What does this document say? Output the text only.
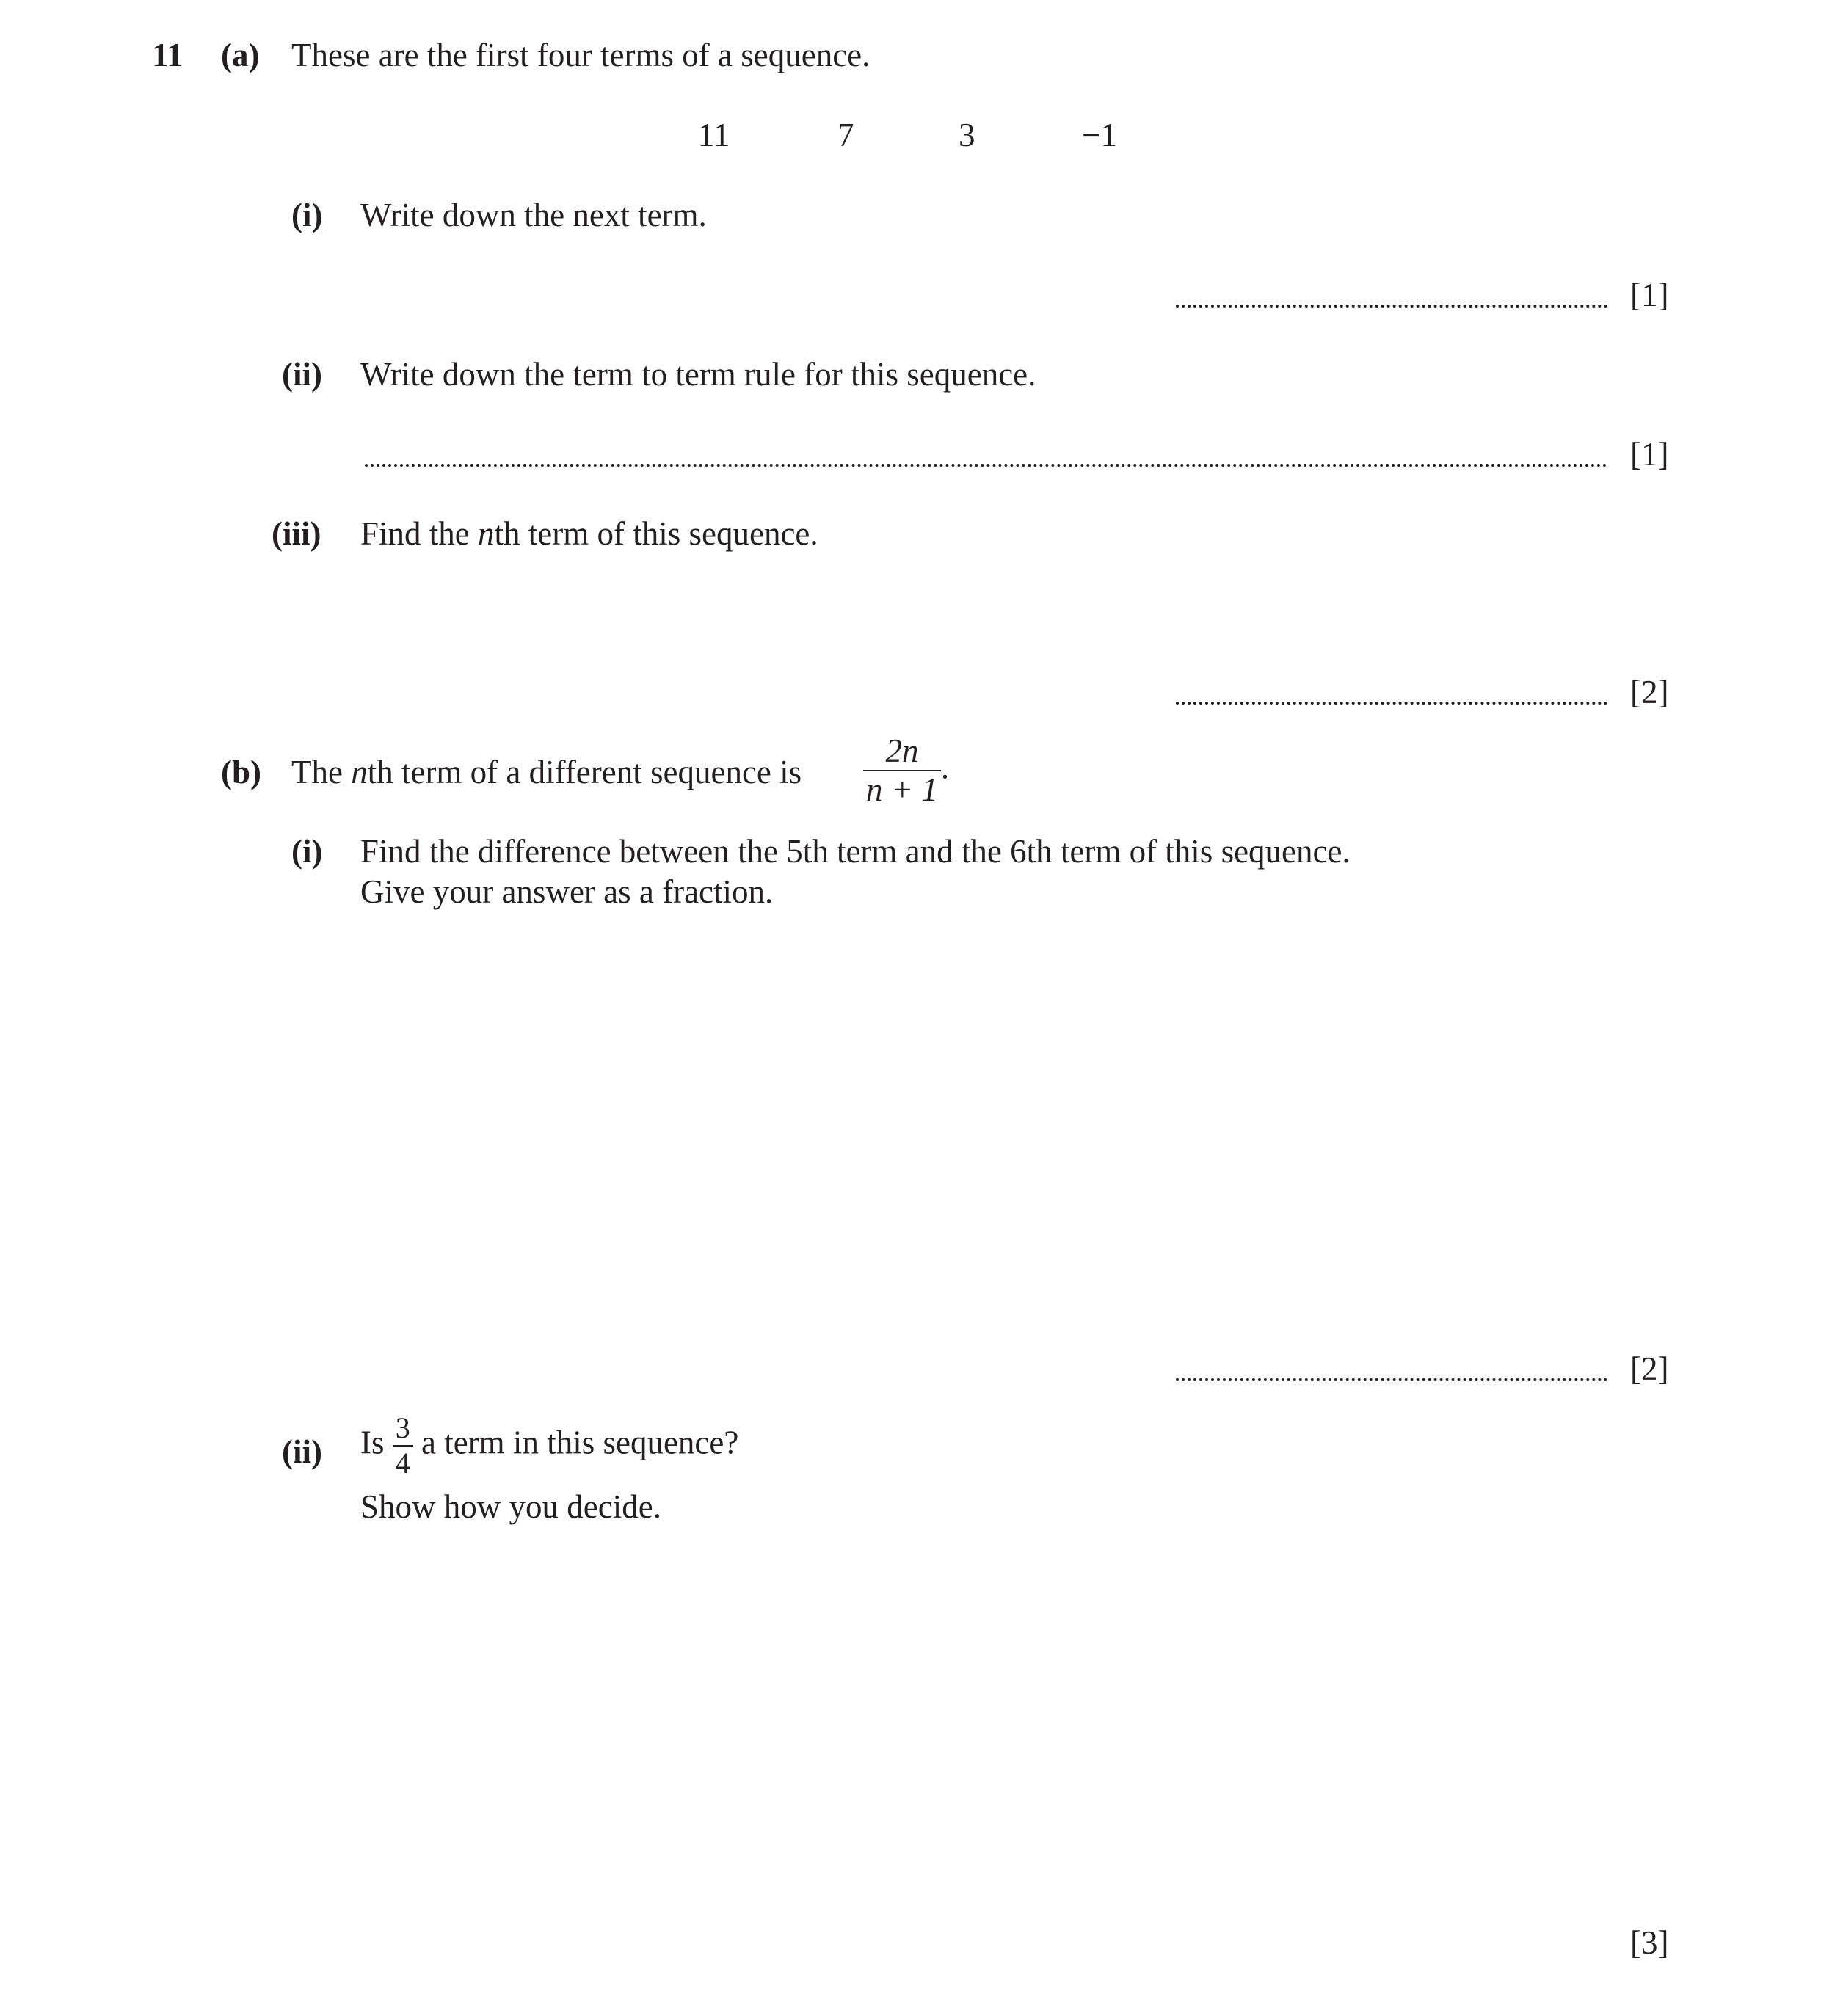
11 (a) These are the first four terms of a sequence.
11	7	3	−1
(i) Write down the next term.
[1]
(ii) Write down the term to term rule for this sequence.
[1]
(iii) Find the nth term of this sequence.
[2]
(b) The nth term of a different sequence is $\frac{2n}{n + 1}$ .
(i) Find the difference between the 5th term and the 6th term of this sequence.
Give your answer as a fraction.
[2]
(ii) Is $\frac{3}{4}$ a term in this sequence?
Show how you decide.
[3]
